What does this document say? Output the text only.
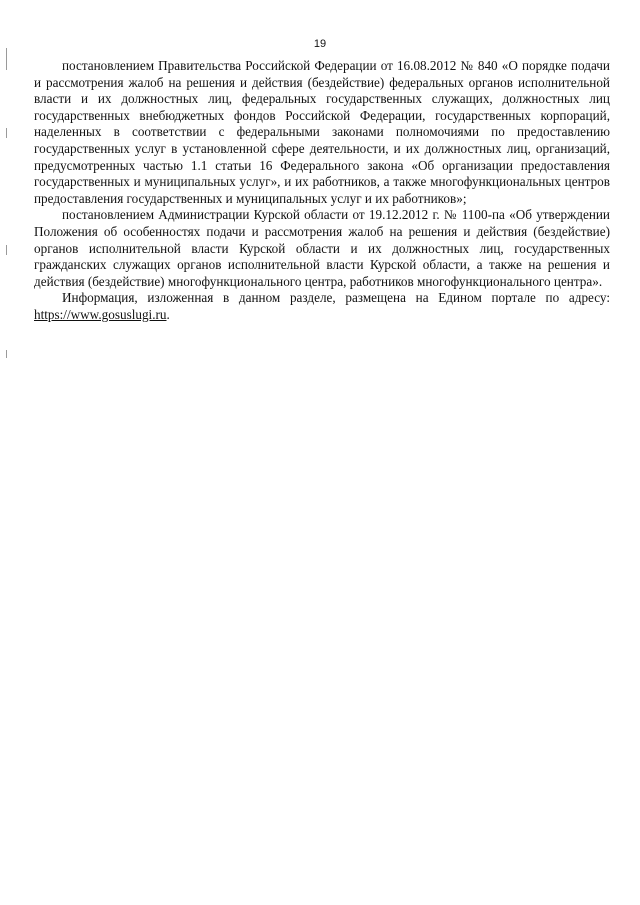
19

постановлением Правительства Российской Федерации от 16.08.2012 № 840 «О порядке подачи и рассмотрения жалоб на решения и действия (бездействие) федеральных органов исполнительной власти и их должностных лиц, федеральных государственных служащих, должностных лиц государственных внебюджетных фондов Российской Федерации, государственных корпораций, наделенных в соответствии с федеральными законами полномочиями по предоставлению государственных услуг в установленной сфере деятельности, и их должностных лиц, организаций, предусмотренных частью 1.1 статьи 16 Федерального закона «Об организации предоставления государственных и муниципальных услуг», и их работников, а также многофункциональных центров предоставления государственных и муниципальных услуг и их работников»;

постановлением Администрации Курской области от 19.12.2012 г. № 1100-па «Об утверждении Положения об особенностях подачи и рассмотрения жалоб на решения и действия (бездействие) органов исполнительной власти Курской области и их должностных лиц, государственных гражданских служащих органов исполнительной власти Курской области, а также на решения и действия (бездействие) многофункционального центра, работников многофункционального центра».

Информация, изложенная в данном разделе, размещена на Едином портале по адресу: https://www.gosuslugi.ru.
